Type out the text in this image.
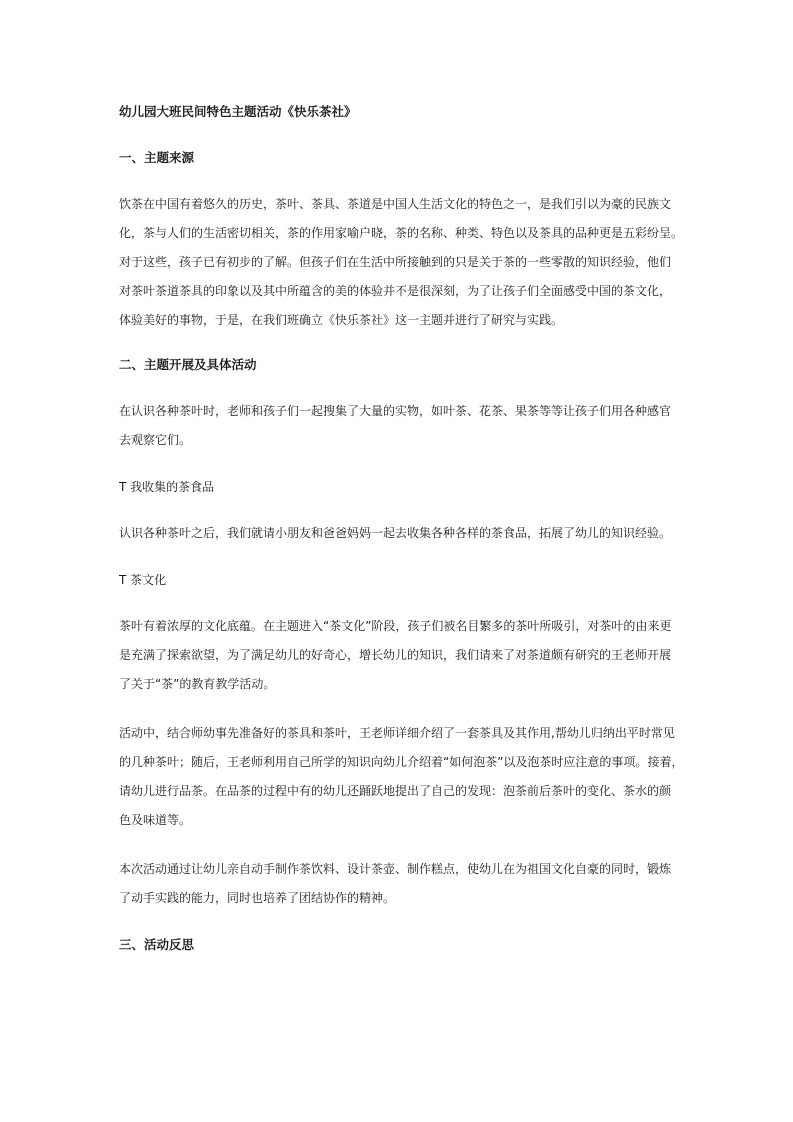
幼儿园大班民间特色主题活动《快乐茶社》
一、主题来源
饮茶在中国有着悠久的历史，茶叶、茶具、茶道是中国人生活文化的特色之一，是我们引以为豪的民族文
化，茶与人们的生活密切相关，茶的作用家喻户晓，茶的名称、种类、特色以及茶具的品种更是五彩纷呈。
对于这些，孩子已有初步的了解。但孩子们在生活中所接触到的只是关于茶的一些零散的知识经验，他们
对茶叶茶道茶具的印象以及其中所蕴含的美的体验并不是很深刻，为了让孩子们全面感受中国的茶文化，
体验美好的事物，于是，在我们班确立《快乐茶社》这一主题并进行了研究与实践。
二、主题开展及具体活动
在认识各种茶叶时，老师和孩子们一起搜集了大量的实物，如叶茶、花茶、果茶等等让孩子们用各种感官
去观察它们。
T 我收集的茶食品
认识各种茶叶之后，我们就请小朋友和爸爸妈妈一起去收集各种各样的茶食品，拓展了幼儿的知识经验。
T 茶文化
茶叶有着浓厚的文化底蕴。在主题进入“茶文化”阶段，孩子们被名目繁多的茶叶所吸引，对茶叶的由来更
是充满了探索欲望，为了满足幼儿的好奇心，增长幼儿的知识，我们请来了对茶道颇有研究的王老师开展
了关于“茶”的教育教学活动。
活动中，结合师幼事先准备好的茶具和茶叶，王老师详细介绍了一套茶具及其作用,帮幼儿归纳出平时常见
的几种茶叶；随后，王老师利用自己所学的知识向幼儿介绍着“如何泡茶”以及泡茶时应注意的事项。接着，
请幼儿进行品茶。在品茶的过程中有的幼儿还踊跃地提出了自己的发现：泡茶前后茶叶的变化、茶水的颜
色及味道等。
本次活动通过让幼儿亲自动手制作茶饮料、设计茶壶、制作糕点，使幼儿在为祖国文化自豪的同时，锻炼
了动手实践的能力，同时也培养了团结协作的精神。
三、活动反思
